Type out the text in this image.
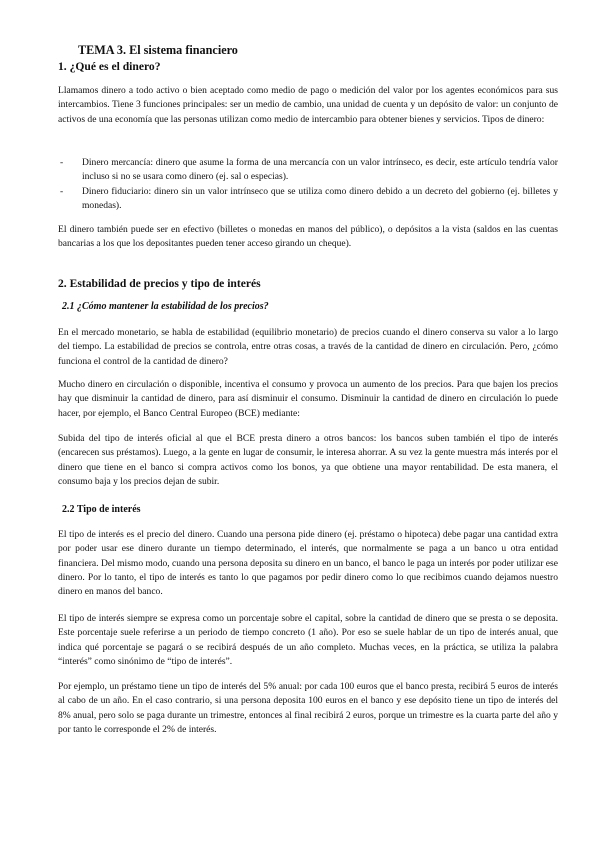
TEMA 3. El sistema financiero
1. ¿Qué es el dinero?

Llamamos dinero a todo activo o bien aceptado como medio de pago o medición del valor por los agentes económicos para sus intercambios. Tiene 3 funciones principales: ser un medio de cambio, una unidad de cuenta y un depósito de valor: un conjunto de activos de una economía que las personas utilizan como medio de intercambio para obtener bienes y servicios. Tipos de dinero:

- Dinero mercancía: dinero que asume la forma de una mercancía con un valor intrínseco, es decir, este artículo tendría valor incluso si no se usara como dinero (ej. sal o especias).
- Dinero fiduciario: dinero sin un valor intrínseco que se utiliza como dinero debido a un decreto del gobierno (ej. billetes y monedas).

El dinero también puede ser en efectivo (billetes o monedas en manos del público), o depósitos a la vista (saldos en las cuentas bancarias a los que los depositantes pueden tener acceso girando un cheque).

2. Estabilidad de precios y tipo de interés
2.1 ¿Cómo mantener la estabilidad de los precios?

En el mercado monetario, se habla de estabilidad (equilibrio monetario) de precios cuando el dinero conserva su valor a lo largo del tiempo. La estabilidad de precios se controla, entre otras cosas, a través de la cantidad de dinero en circulación. Pero, ¿cómo funciona el control de la cantidad de dinero?

Mucho dinero en circulación o disponible, incentiva el consumo y provoca un aumento de los precios. Para que bajen los precios hay que disminuir la cantidad de dinero, para así disminuir el consumo. Disminuir la cantidad de dinero en circulación lo puede hacer, por ejemplo, el Banco Central Europeo (BCE) mediante:

Subida del tipo de interés oficial al que el BCE presta dinero a otros bancos: los bancos suben también el tipo de interés (encarecen sus préstamos). Luego, a la gente en lugar de consumir, le interesa ahorrar. A su vez la gente muestra más interés por el dinero que tiene en el banco si compra activos como los bonos, ya que obtiene una mayor rentabilidad. De esta manera, el consumo baja y los precios dejan de subir.

2.2 Tipo de interés

El tipo de interés es el precio del dinero. Cuando una persona pide dinero (ej. préstamo o hipoteca) debe pagar una cantidad extra por poder usar ese dinero durante un tiempo determinado, el interés, que normalmente se paga a un banco u otra entidad financiera. Del mismo modo, cuando una persona deposita su dinero en un banco, el banco le paga un interés por poder utilizar ese dinero. Por lo tanto, el tipo de interés es tanto lo que pagamos por pedir dinero como lo que recibimos cuando dejamos nuestro dinero en manos del banco.

El tipo de interés siempre se expresa como un porcentaje sobre el capital, sobre la cantidad de dinero que se presta o se deposita. Este porcentaje suele referirse a un periodo de tiempo concreto (1 año). Por eso se suele hablar de un tipo de interés anual, que indica qué porcentaje se pagará o se recibirá después de un año completo. Muchas veces, en la práctica, se utiliza la palabra “interés” como sinónimo de “tipo de interés”.

Por ejemplo, un préstamo tiene un tipo de interés del 5% anual: por cada 100 euros que el banco presta, recibirá 5 euros de interés al cabo de un año. En el caso contrario, si una persona deposita 100 euros en el banco y ese depósito tiene un tipo de interés del 8% anual, pero solo se paga durante un trimestre, entonces al final recibirá 2 euros, porque un trimestre es la cuarta parte del año y por tanto le corresponde el 2% de interés.
